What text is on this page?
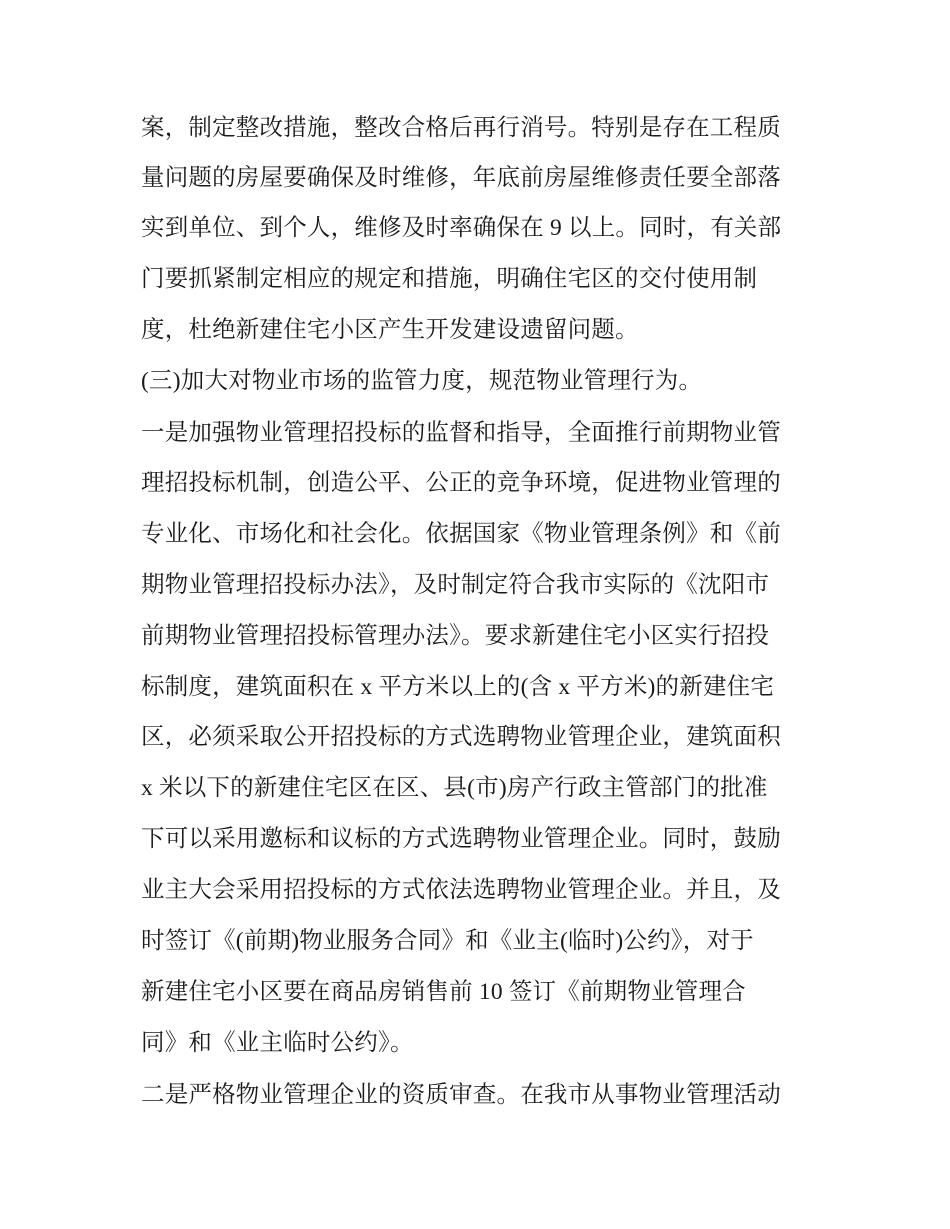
案，制定整改措施，整改合格后再行消号。特别是存在工程质

量问题的房屋要确保及时维修，年底前房屋维修责任要全部落

实到单位、到个人，维修及时率确保在 9 以上。同时，有关部

门要抓紧制定相应的规定和措施，明确住宅区的交付使用制

度，杜绝新建住宅小区产生开发建设遗留问题。

(三)加大对物业市场的监管力度，规范物业管理行为。

一是加强物业管理招投标的监督和指导，全面推行前期物业管

理招投标机制，创造公平、公正的竞争环境，促进物业管理的

专业化、市场化和社会化。依据国家《物业管理条例》和《前

期物业管理招投标办法》，及时制定符合我市实际的《沈阳市

前期物业管理招投标管理办法》。要求新建住宅小区实行招投

标制度，建筑面积在 x 平方米以上的(含 x 平方米)的新建住宅

区，必须采取公开招投标的方式选聘物业管理企业，建筑面积

x 米以下的新建住宅区在区、县(市)房产行政主管部门的批准

下可以采用邀标和议标的方式选聘物业管理企业。同时，鼓励

业主大会采用招投标的方式依法选聘物业管理企业。并且，及

时签订《(前期)物业服务合同》和《业主(临时)公约》，对于

新建住宅小区要在商品房销售前 10 签订《前期物业管理合

同》和《业主临时公约》。

二是严格物业管理企业的资质审查。在我市从事物业管理活动
